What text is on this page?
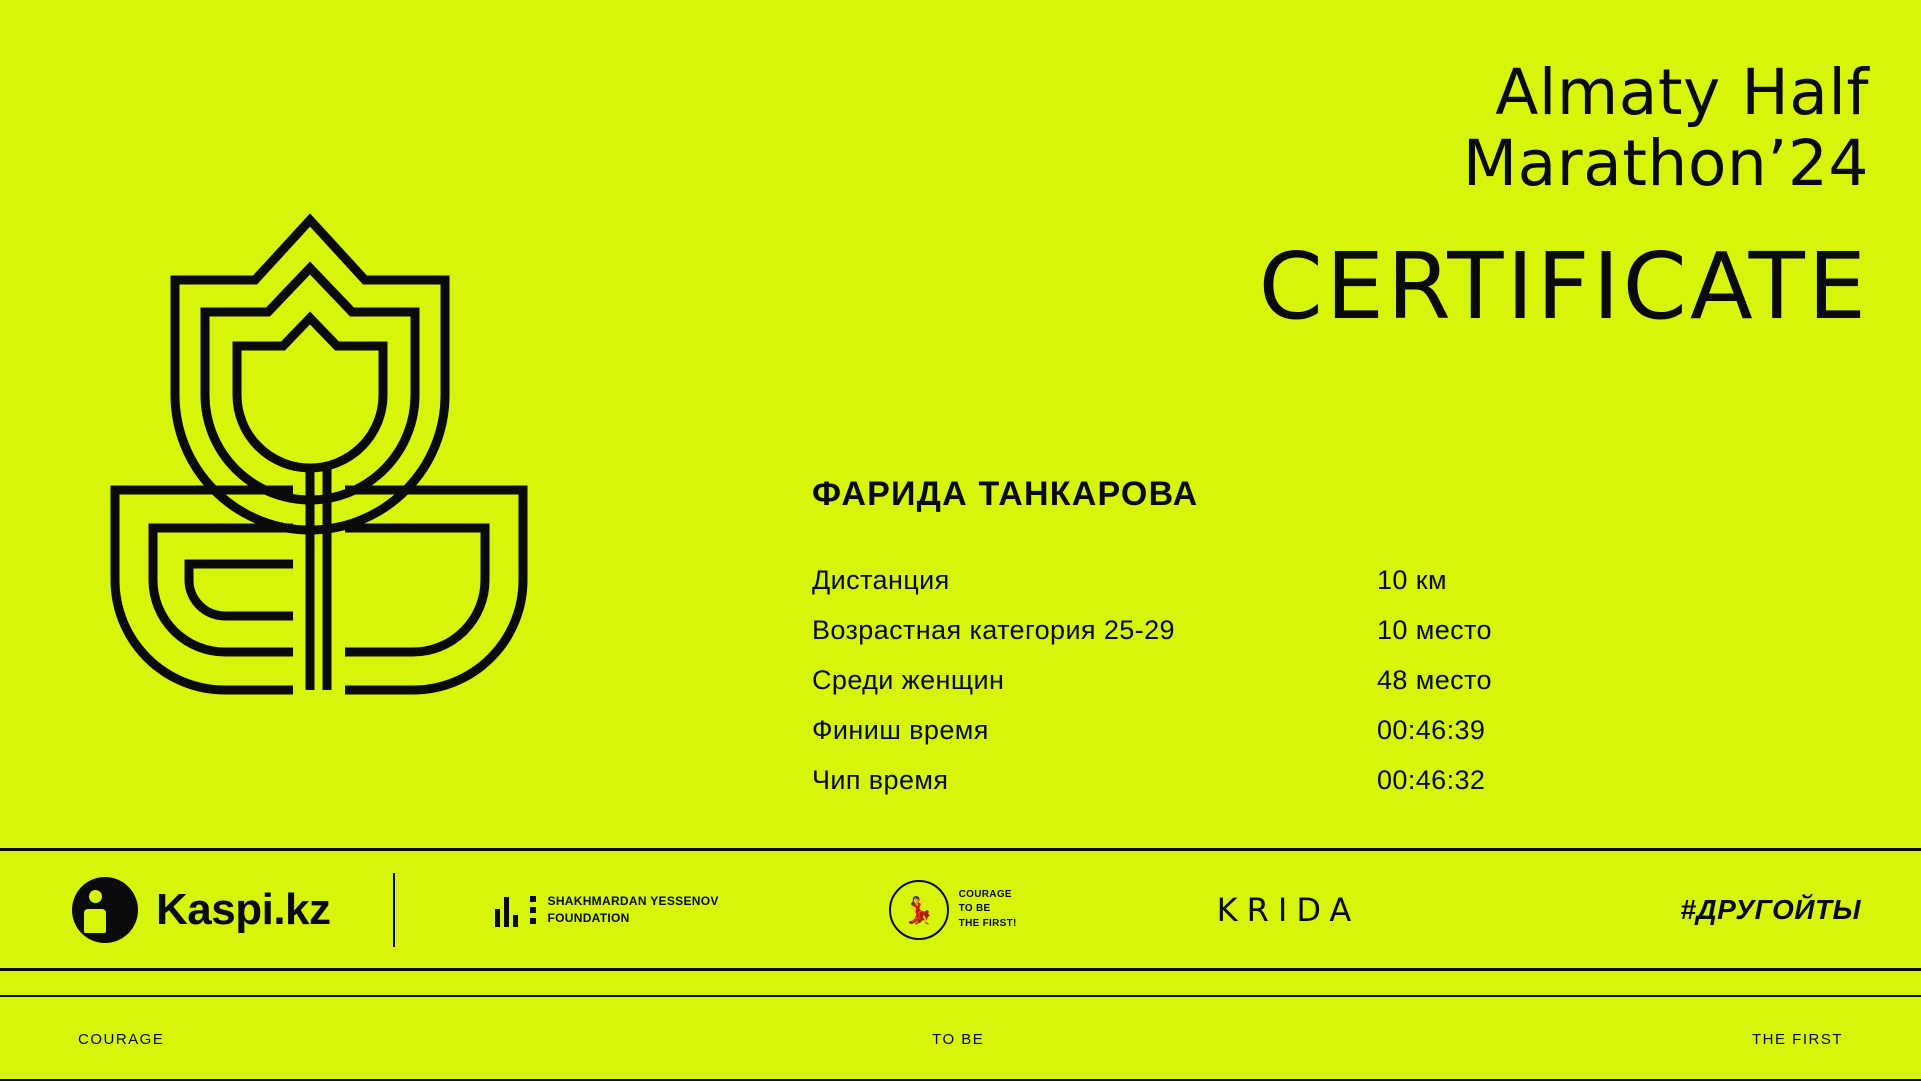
Almaty Half
Marathon’24
CERTIFICATE
ФАРИДА ТАНКАРОВА
Дистанция	10 км
Возрастная категория 25-29	10 место
Среди женщин	48 место
Финиш время	00:46:39
Чип время	00:46:32
Kaspi.kz	SHAKHMARDAN YESSENOV
FOUNDATION	💃
COURAGE
TO BE
THE FIRST!	KRIDA	#ДРУГОЙТЫ
COURAGE	TO BE	THE FIRST
